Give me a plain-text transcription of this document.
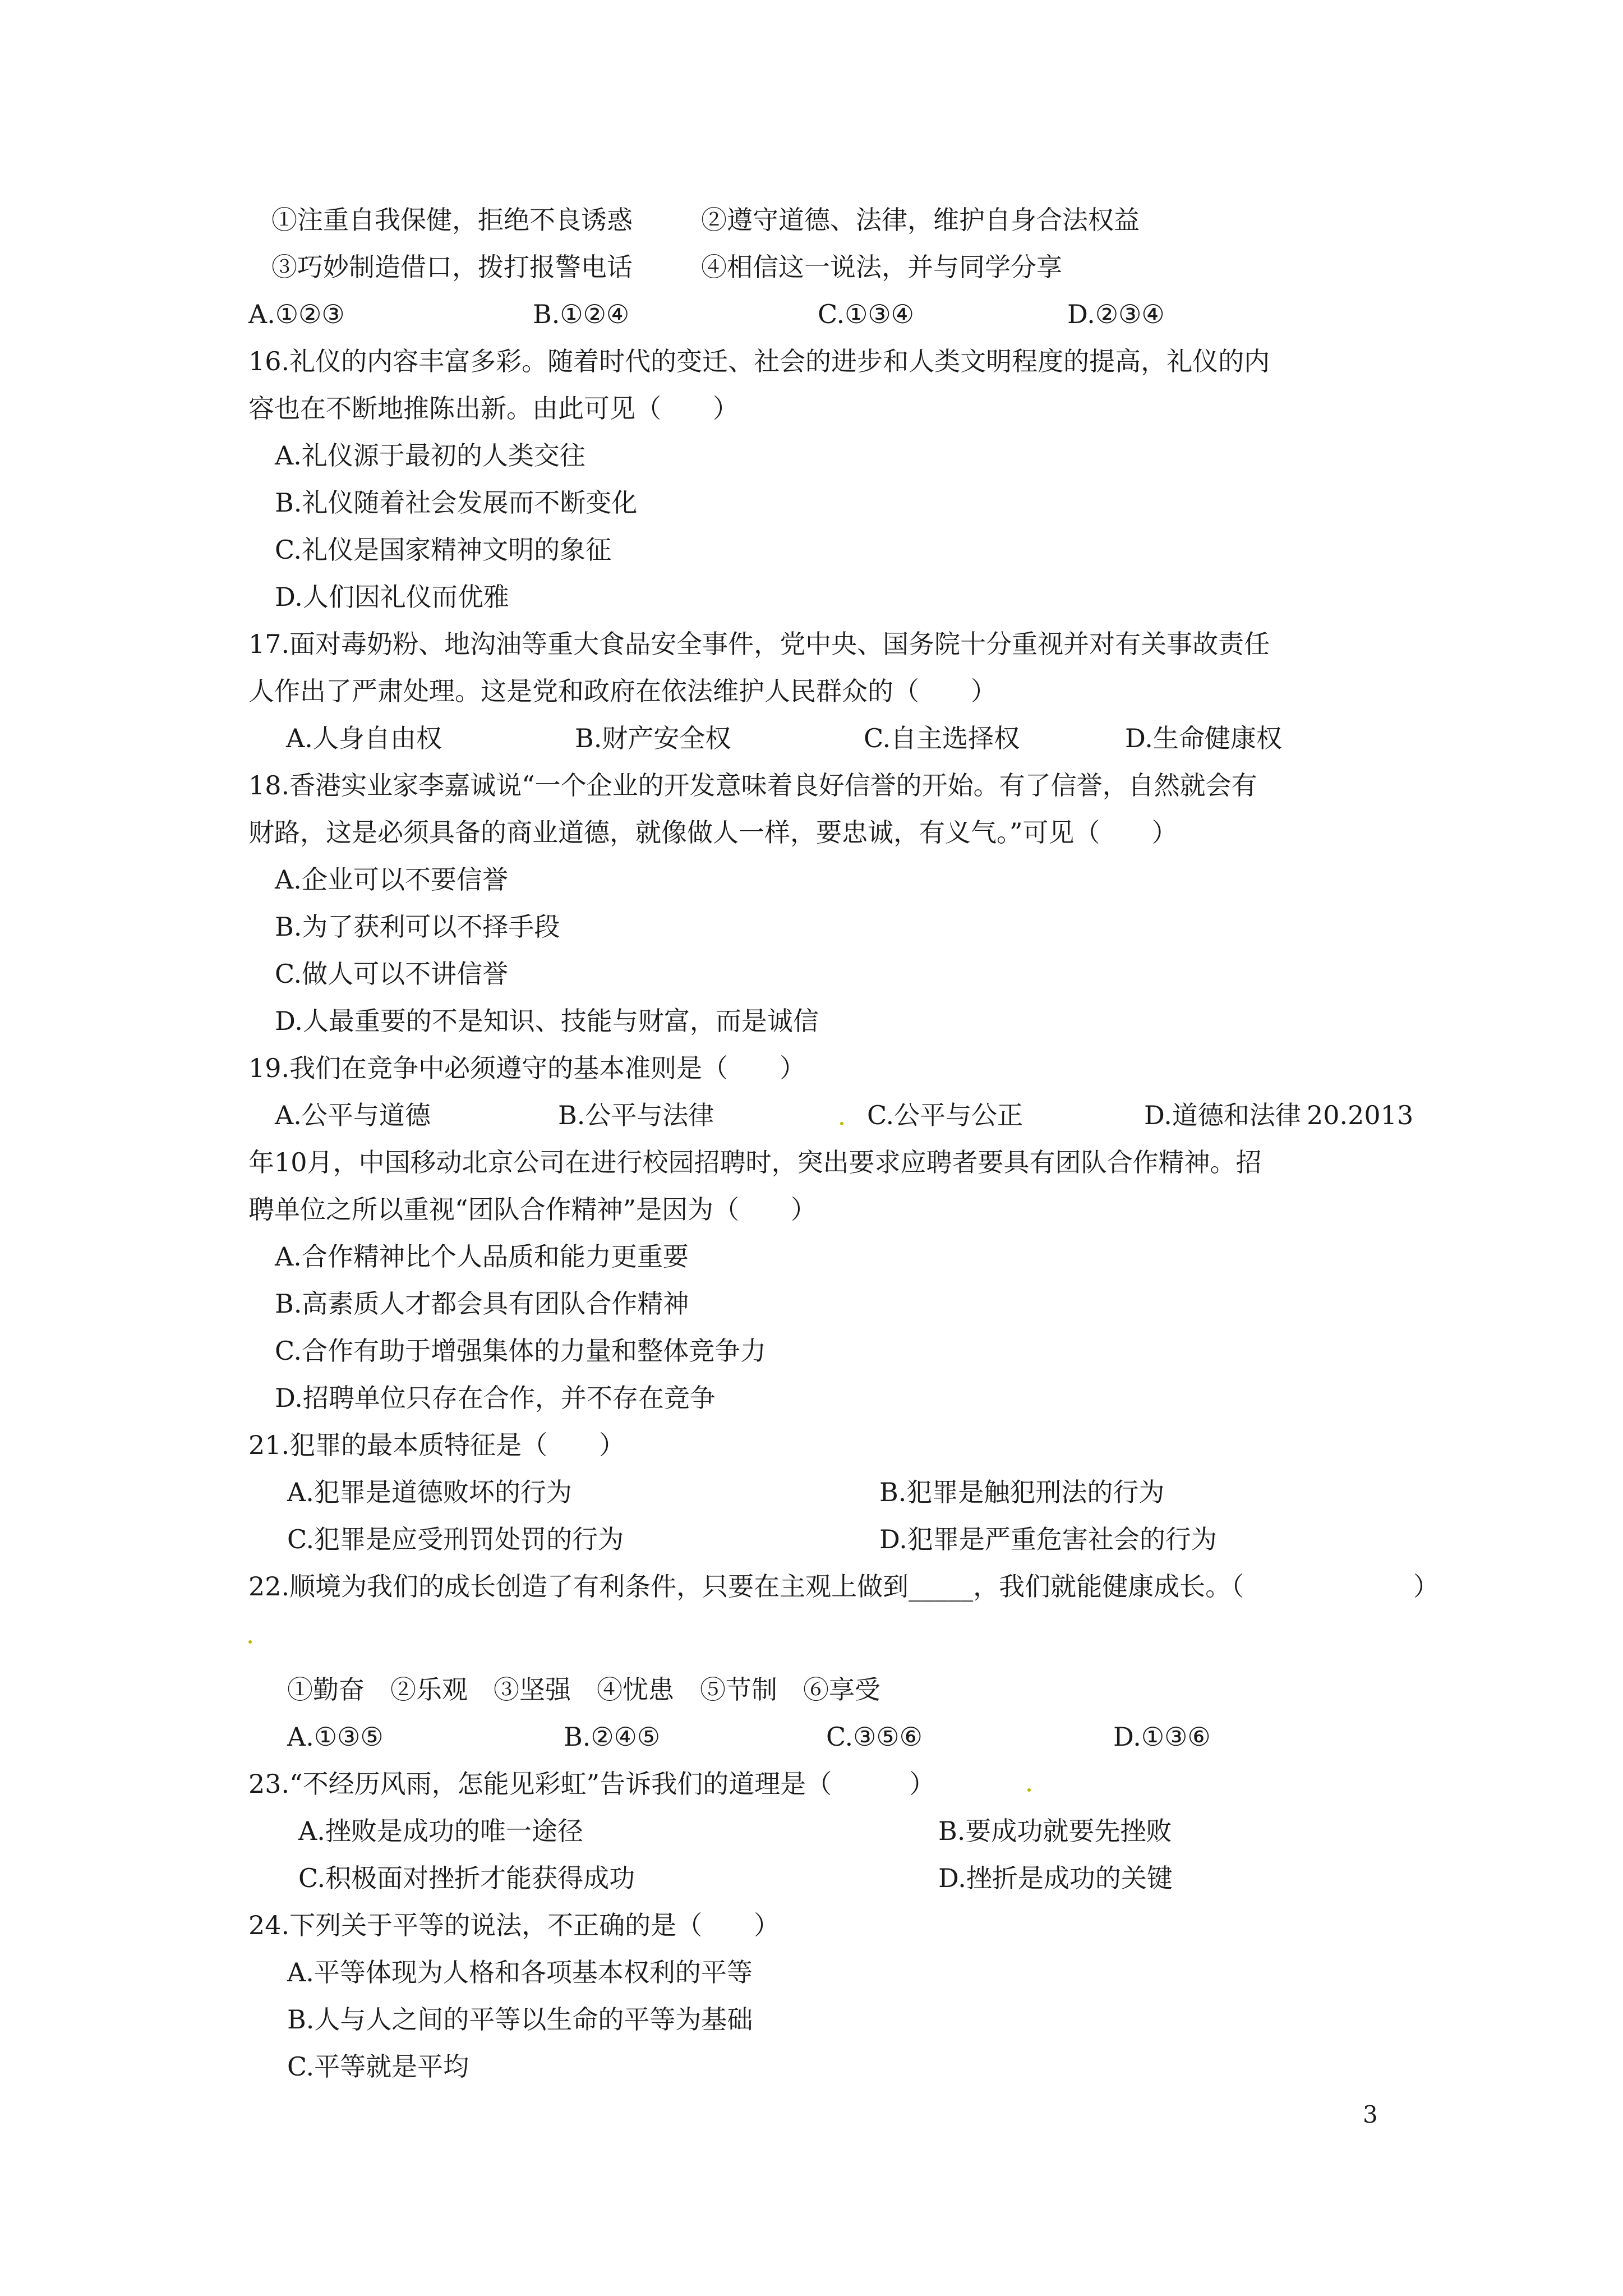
①注重自我保健，拒绝不良诱惑

	②遵守道德、法律，维护自身合法权益

③巧妙制造借口，拨打报警电话

	④相信这一说法，并与同学分享

A.①②③

	B.①②④

	C.①③④

	D.②③④

16.礼仪的内容丰富多彩。随着时代的变迁、社会的进步和人类文明程度的提高，礼仪的内

容也在不断地推陈出新。由此可见（　　）

A.礼仪源于最初的人类交往

B.礼仪随着社会发展而不断变化

C.礼仪是国家精神文明的象征

D.人们因礼仪而优雅

17.面对毒奶粉、地沟油等重大食品安全事件，党中央、国务院十分重视并对有关事故责任

人作出了严肃处理。这是党和政府在依法维护人民群众的（　　）

A.人身自由权

	B.财产安全权

	C.自主选择权

	D.生命健康权

18.香港实业家李嘉诚说“一个企业的开发意味着良好信誉的开始。有了信誉，自然就会有

财路，这是必须具备的商业道德，就像做人一样，要忠诚，有义气。”可见（　　）

A.企业可以不要信誉

B.为了获利可以不择手段

C.做人可以不讲信誉

D.人最重要的不是知识、技能与财富，而是诚信

19.我们在竞争中必须遵守的基本准则是（　　）

A.公平与道德

	B.公平与法律

	C.公平与公正

	D.道德和法律

20.2013

年10月，中国移动北京公司在进行校园招聘时，突出要求应聘者要具有团队合作精神。招

聘单位之所以重视“团队合作精神”是因为（　　）

A.合作精神比个人品质和能力更重要

B.高素质人才都会具有团队合作精神

C.合作有助于增强集体的力量和整体竞争力

D.招聘单位只存在合作，并不存在竞争

21.犯罪的最本质特征是（　　）

A.犯罪是道德败坏的行为

	B.犯罪是触犯刑法的行为

C.犯罪是应受刑罚处罚的行为

	D.犯罪是严重危害社会的行为

22.顺境为我们的成长创造了有利条件，只要在主观上做到_____，我们就能健康成长。（

	）

①勤奋　②乐观　③坚强　④忧患　⑤节制　⑥享受

A.①③⑤

	B.②④⑤

	C.③⑤⑥

	D.①③⑥

23.“不经历风雨，怎能见彩虹”告诉我们的道理是（　　　）

A.挫败是成功的唯一途径

	B.要成功就要先挫败

C.积极面对挫折才能获得成功

	D.挫折是成功的关键

24.下列关于平等的说法，不正确的是（　　）

A.平等体现为人格和各项基本权利的平等

B.人与人之间的平等以生命的平等为基础

C.平等就是平均

3
